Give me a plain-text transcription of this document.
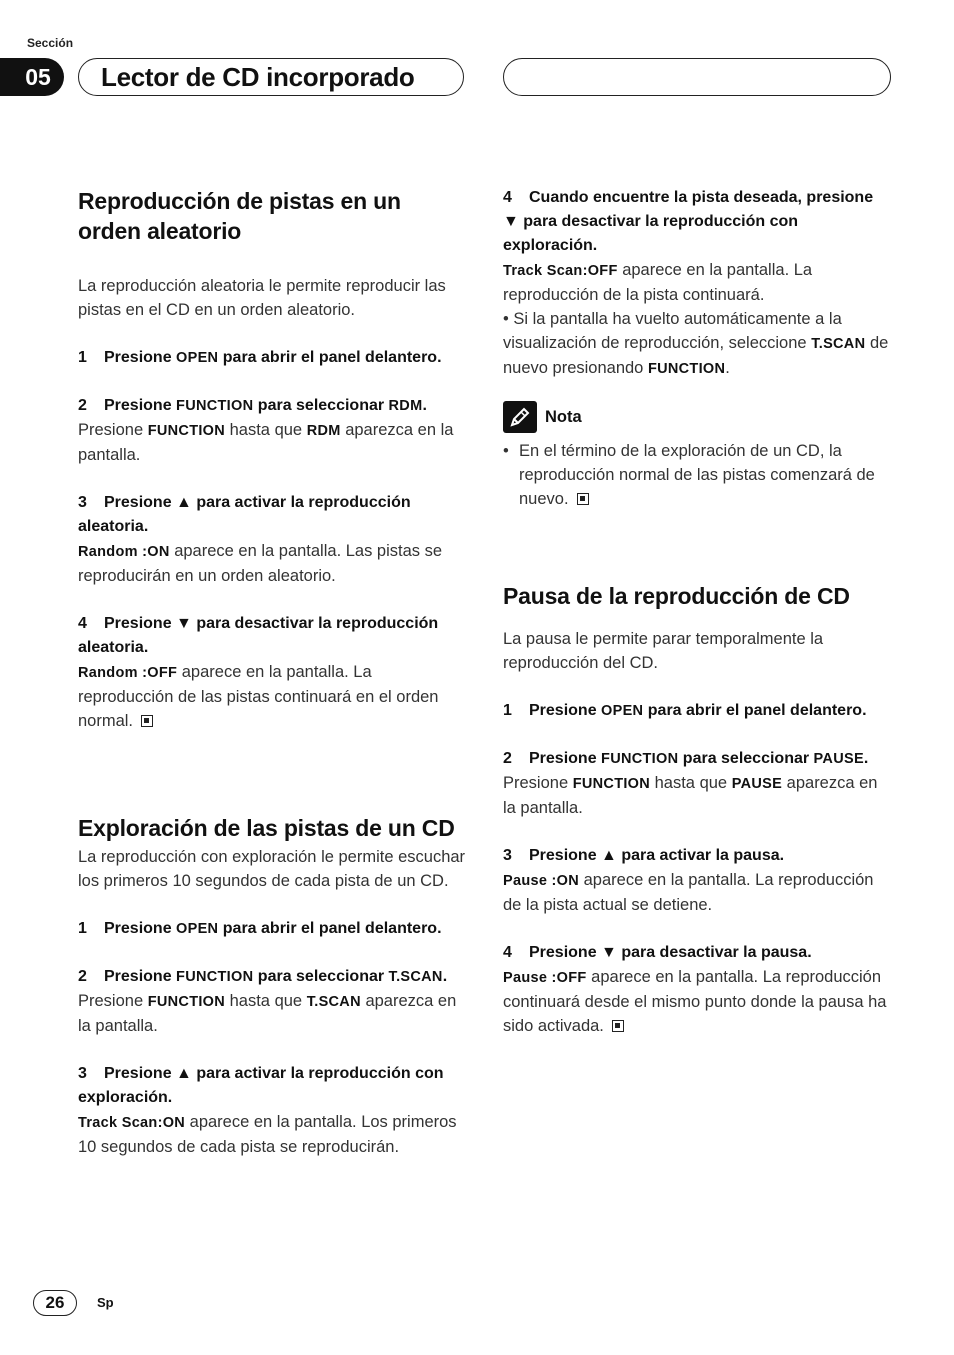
Sección
05 Lector de CD incorporado
Reproducción de pistas en un orden aleatorio

La reproducción aleatoria le permite reproducir las pistas en el CD en un orden aleatorio.

1 Presione OPEN para abrir el panel delantero.

2 Presione FUNCTION para seleccionar RDM.

Presione FUNCTION hasta que RDM aparezca en la pantalla.

3 Presione ▲ para activar la reproducción aleatoria.

Random :ON aparece en la pantalla. Las pistas se reproducirán en un orden aleatorio.

4 Presione ▼ para desactivar la reproducción aleatoria.

Random :OFF aparece en la pantalla. La reproducción de las pistas continuará en el orden normal.

Exploración de las pistas de un CD

La reproducción con exploración le permite escuchar los primeros 10 segundos de cada pista de un CD.

1 Presione OPEN para abrir el panel delantero.

2 Presione FUNCTION para seleccionar T.SCAN.

Presione FUNCTION hasta que T.SCAN aparezca en la pantalla.

3 Presione ▲ para activar la reproducción con exploración.

Track Scan:ON aparece en la pantalla. Los primeros 10 segundos de cada pista se reproducirán.

4 Cuando encuentre la pista deseada, presione ▼ para desactivar la reproducción con exploración.

Track Scan:OFF aparece en la pantalla. La reproducción de la pista continuará.

• Si la pantalla ha vuelto automáticamente a la visualización de reproducción, seleccione T.SCAN de nuevo presionando FUNCTION.

Nota

• En el término de la exploración de un CD, la reproducción normal de las pistas comenzará de nuevo.

Pausa de la reproducción de CD

La pausa le permite parar temporalmente la reproducción del CD.

1 Presione OPEN para abrir el panel delantero.

2 Presione FUNCTION para seleccionar PAUSE.

Presione FUNCTION hasta que PAUSE aparezca en la pantalla.

3 Presione ▲ para activar la pausa.

Pause :ON aparece en la pantalla. La reproducción de la pista actual se detiene.

4 Presione ▼ para desactivar la pausa.

Pause :OFF aparece en la pantalla. La reproducción continuará desde el mismo punto donde la pausa ha sido activada.

26	Sp
